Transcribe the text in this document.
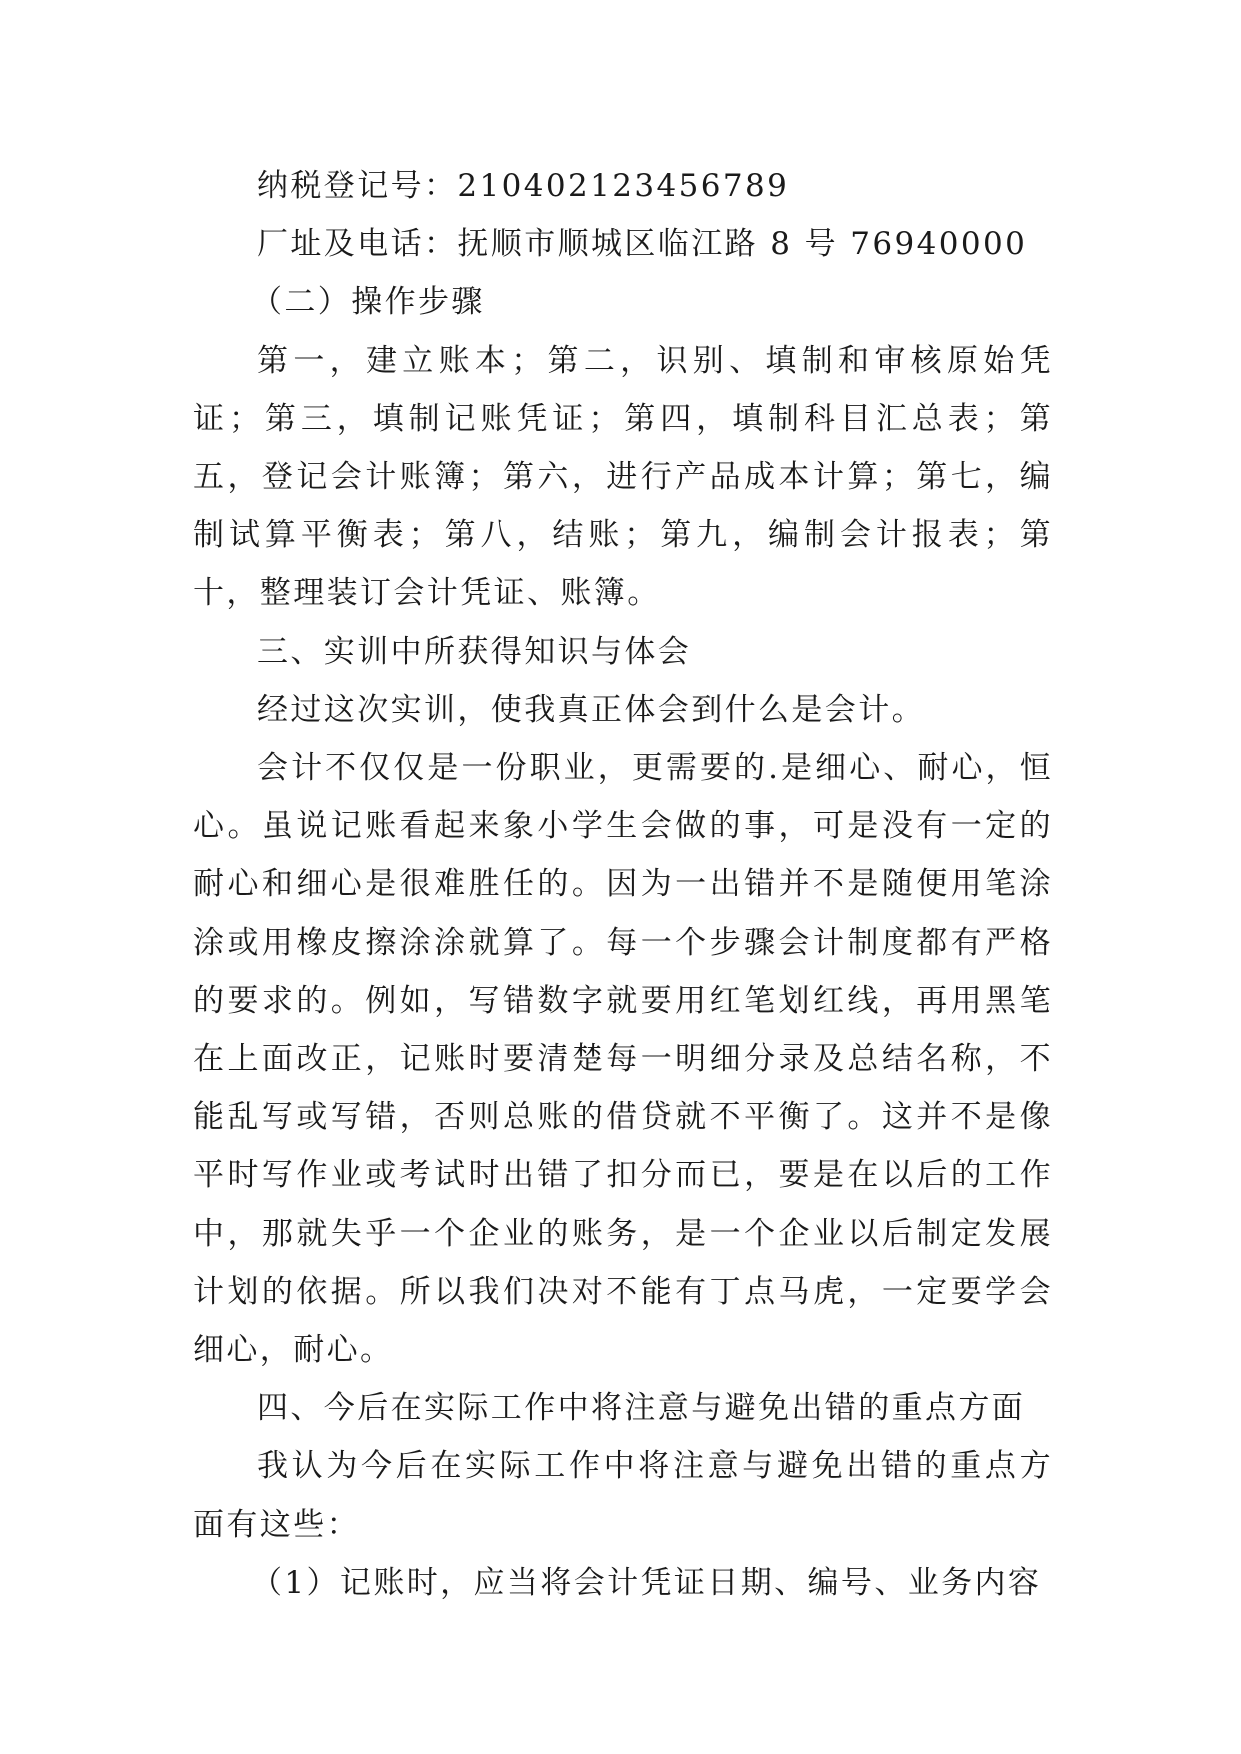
纳税登记号：210402123456789

厂址及电话：抚顺市顺城区临江路 8 号 76940000

（二）操作步骤

第一，建立账本；第二，识别、填制和审核原始凭证；第三，填制记账凭证；第四，填制科目汇总表；第五，登记会计账簿；第六，进行产品成本计算；第七，编制试算平衡表；第八，结账；第九，编制会计报表；第十，整理装订会计凭证、账簿。

三、实训中所获得知识与体会

经过这次实训，使我真正体会到什么是会计。

会计不仅仅是一份职业，更需要的.是细心、耐心，恒心。虽说记账看起来象小学生会做的事，可是没有一定的耐心和细心是很难胜任的。因为一出错并不是随便用笔涂涂或用橡皮擦涂涂就算了。每一个步骤会计制度都有严格的要求的。例如，写错数字就要用红笔划红线，再用黑笔在上面改正，记账时要清楚每一明细分录及总结名称，不能乱写或写错，否则总账的借贷就不平衡了。这并不是像平时写作业或考试时出错了扣分而已，要是在以后的工作中，那就失乎一个企业的账务，是一个企业以后制定发展计划的依据。所以我们决对不能有丁点马虎，一定要学会细心，耐心。

四、今后在实际工作中将注意与避免出错的重点方面

我认为今后在实际工作中将注意与避免出错的重点方面有这些：

（1）记账时，应当将会计凭证日期、编号、业务内容
